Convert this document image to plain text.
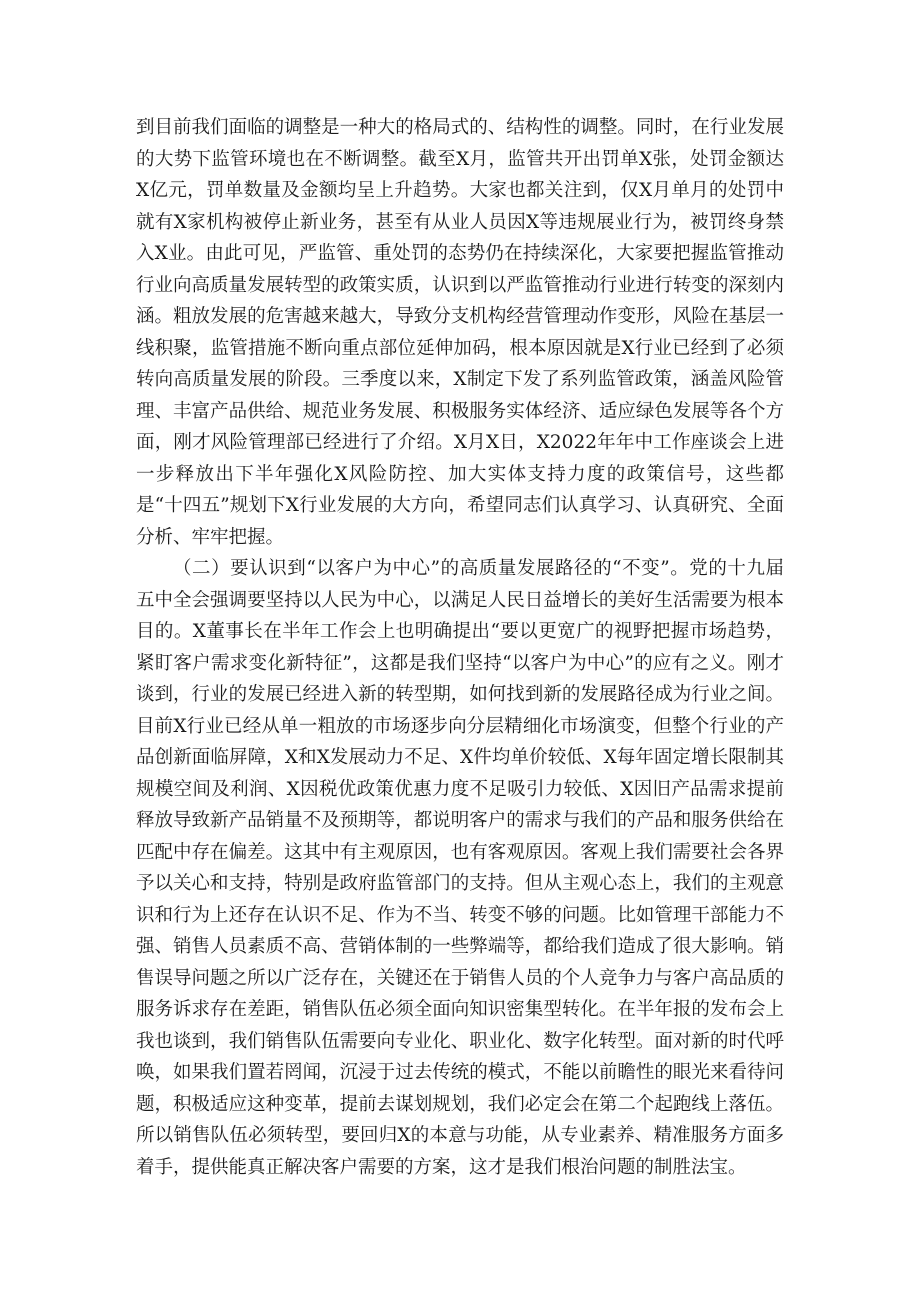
到目前我们面临的调整是一种大的格局式的、结构性的调整。同时，在行业发展的大势下监管环境也在不断调整。截至X月，监管共开出罚单X张，处罚金额达X亿元，罚单数量及金额均呈上升趋势。大家也都关注到，仅X月单月的处罚中就有X家机构被停止新业务，甚至有从业人员因X等违规展业行为，被罚终身禁入X业。由此可见，严监管、重处罚的态势仍在持续深化，大家要把握监管推动行业向高质量发展转型的政策实质，认识到以严监管推动行业进行转变的深刻内涵。粗放发展的危害越来越大，导致分支机构经营管理动作变形，风险在基层一线积聚，监管措施不断向重点部位延伸加码，根本原因就是X行业已经到了必须转向高质量发展的阶段。三季度以来，X制定下发了系列监管政策，涵盖风险管理、丰富产品供给、规范业务发展、积极服务实体经济、适应绿色发展等各个方面，刚才风险管理部已经进行了介绍。X月X日，X2022年年中工作座谈会上进一步释放出下半年强化X风险防控、加大实体支持力度的政策信号，这些都是“十四五”规划下X行业发展的大方向，希望同志们认真学习、认真研究、全面分析、牢牢把握。

（二）要认识到“以客户为中心”的高质量发展路径的“不变”。党的十九届五中全会强调要坚持以人民为中心，以满足人民日益增长的美好生活需要为根本目的。X董事长在半年工作会上也明确提出“要以更宽广的视野把握市场趋势，紧盯客户需求变化新特征”，这都是我们坚持“以客户为中心”的应有之义。刚才谈到，行业的发展已经进入新的转型期，如何找到新的发展路径成为行业之间。目前X行业已经从单一粗放的市场逐步向分层精细化市场演变，但整个行业的产品创新面临屏障，X和X发展动力不足、X件均单价较低、X每年固定增长限制其规模空间及利润、X因税优政策优惠力度不足吸引力较低、X因旧产品需求提前释放导致新产品销量不及预期等，都说明客户的需求与我们的产品和服务供给在匹配中存在偏差。这其中有主观原因，也有客观原因。客观上我们需要社会各界予以关心和支持，特别是政府监管部门的支持。但从主观心态上，我们的主观意识和行为上还存在认识不足、作为不当、转变不够的问题。比如管理干部能力不强、销售人员素质不高、营销体制的一些弊端等，都给我们造成了很大影响。销售误导问题之所以广泛存在，关键还在于销售人员的个人竞争力与客户高品质的服务诉求存在差距，销售队伍必须全面向知识密集型转化。在半年报的发布会上我也谈到，我们销售队伍需要向专业化、职业化、数字化转型。面对新的时代呼唤，如果我们置若罔闻，沉浸于过去传统的模式，不能以前瞻性的眼光来看待问题，积极适应这种变革，提前去谋划规划，我们必定会在第二个起跑线上落伍。所以销售队伍必须转型，要回归X的本意与功能，从专业素养、精准服务方面多着手，提供能真正解决客户需要的方案，这才是我们根治问题的制胜法宝。
